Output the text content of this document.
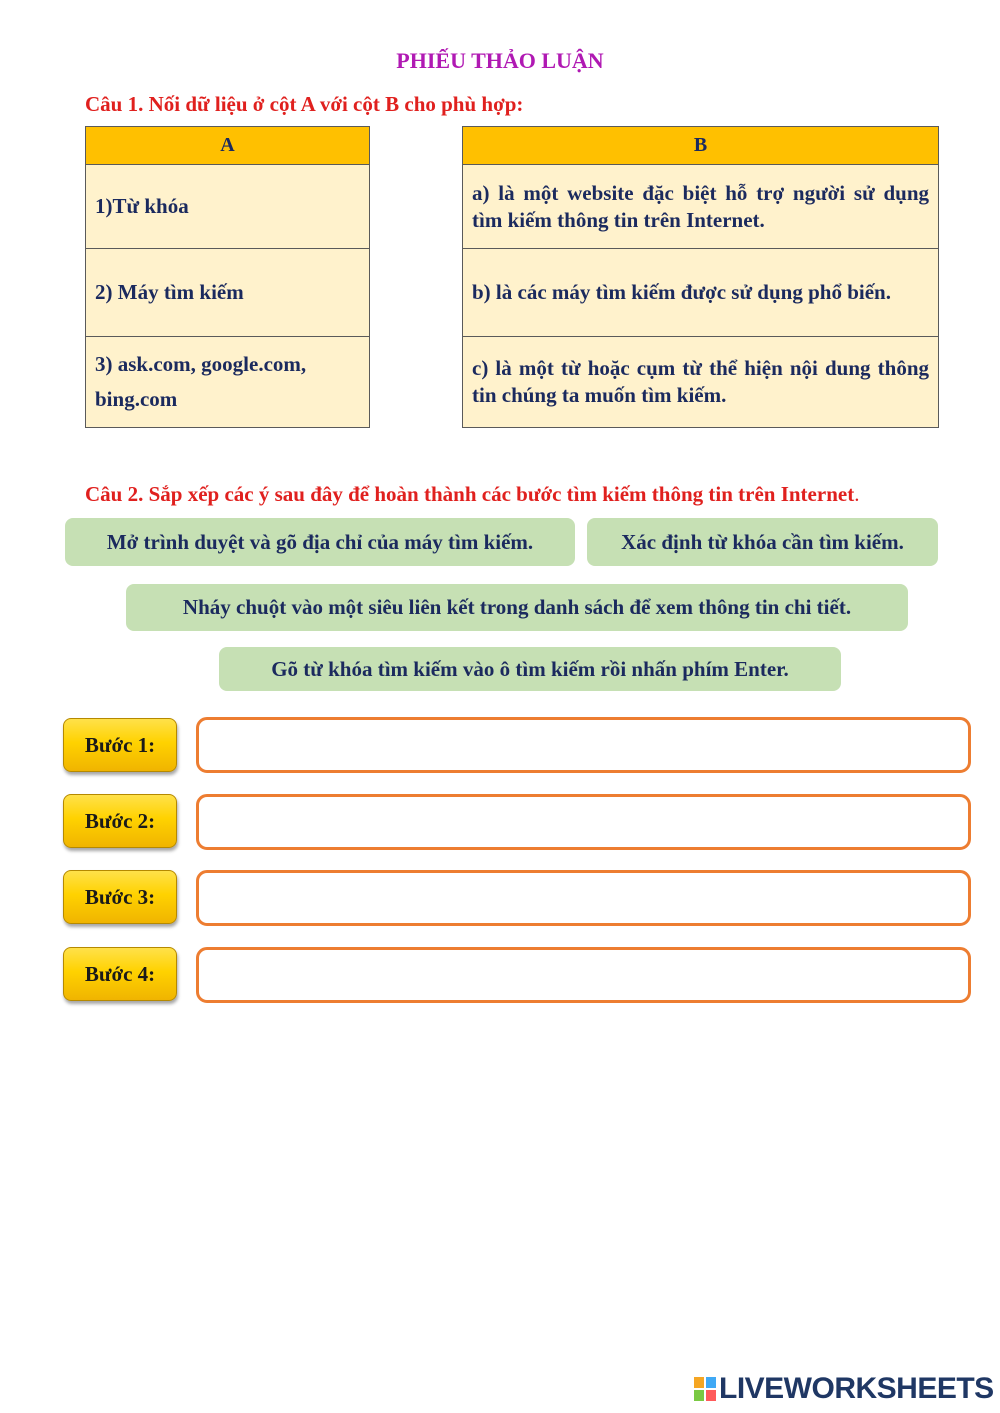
PHIẾU THẢO LUẬN
Câu 1. Nối dữ liệu ở cột A với cột B cho phù hợp:
A
1)Từ khóa
2) Máy tìm kiếm
3) ask.com, google.com, bing.com
B
a) là một website đặc biệt hỗ trợ người sử dụng tìm kiếm thông tin trên Internet.
b) là các máy tìm kiếm được sử dụng phổ biến.
c) là một từ hoặc cụm từ thể hiện nội dung thông tin chúng ta muốn tìm kiếm.
Câu 2. Sắp xếp các ý sau đây để hoàn thành các bước tìm kiếm thông tin trên Internet.
Mở trình duyệt và gõ địa chỉ của máy tìm kiếm.	Xác định từ khóa cần tìm kiếm.
Nháy chuột vào một siêu liên kết trong danh sách để xem thông tin chi tiết.
Gõ từ khóa tìm kiếm vào ô tìm kiếm rồi nhấn phím Enter.
Bước 1:
Bước 2:
Bước 3:
Bước 4:
LIVEWORKSHEETS
